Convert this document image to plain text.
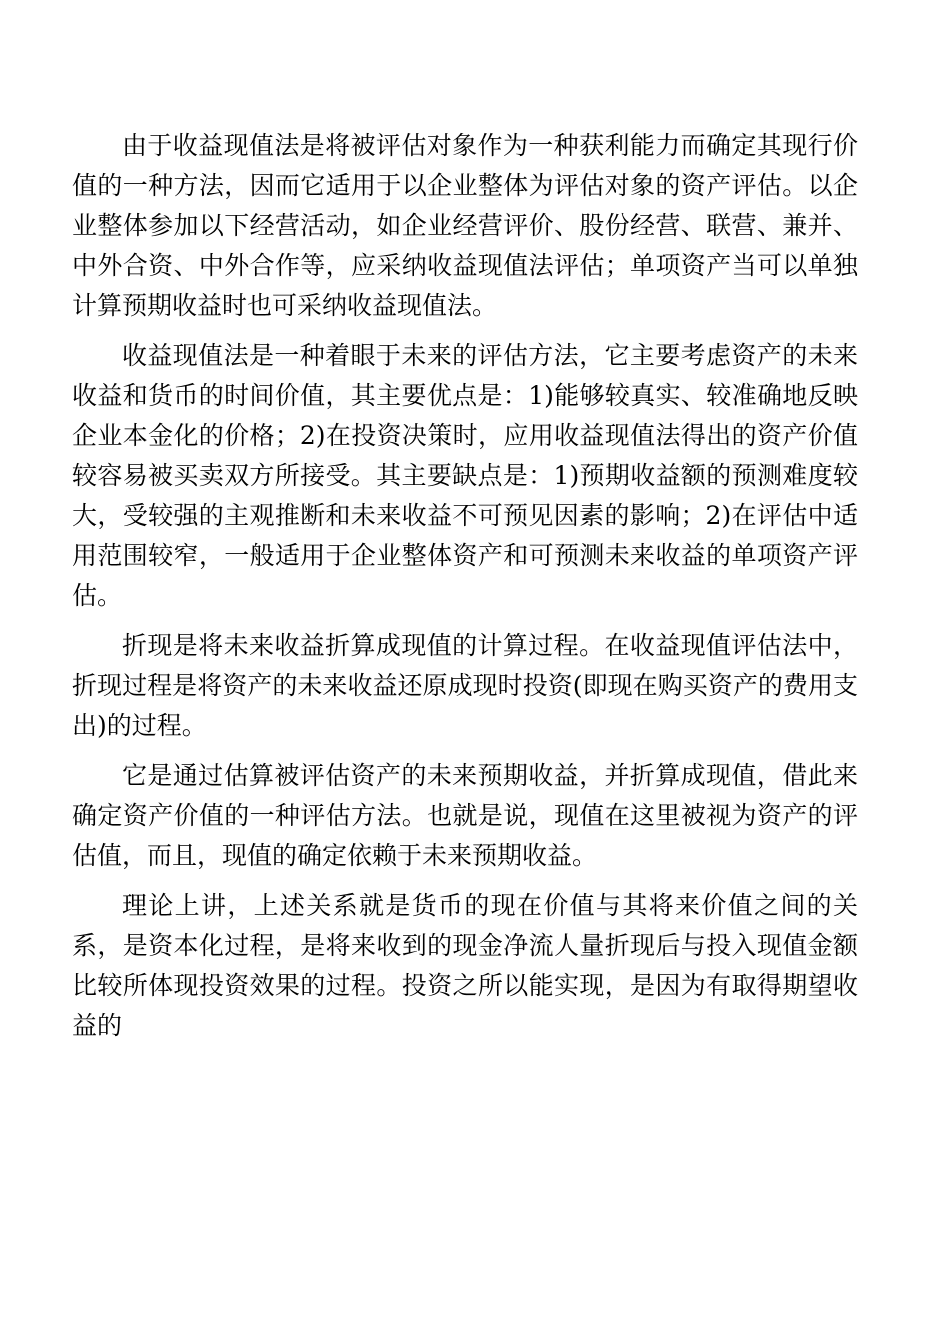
由于收益现值法是将被评估对象作为一种获利能力而确定其现行价值的一种方法，因而它适用于以企业整体为评估对象的资产评估。以企业整体参加以下经营活动，如企业经营评价、股份经营、联营、兼并、中外合资、中外合作等，应采纳收益现值法评估；单项资产当可以单独计算预期收益时也可采纳收益现值法。

收益现值法是一种着眼于未来的评估方法，它主要考虑资产的未来收益和货币的时间价值，其主要优点是：1)能够较真实、较准确地反映企业本金化的价格；2)在投资决策时，应用收益现值法得出的资产价值较容易被买卖双方所接受。其主要缺点是：1)预期收益额的预测难度较大，受较强的主观推断和未来收益不可预见因素的影响；2)在评估中适用范围较窄，一般适用于企业整体资产和可预测未来收益的单项资产评估。

折现是将未来收益折算成现值的计算过程。在收益现值评估法中，折现过程是将资产的未来收益还原成现时投资(即现在购买资产的费用支出)的过程。

它是通过估算被评估资产的未来预期收益，并折算成现值，借此来确定资产价值的一种评估方法。也就是说，现值在这里被视为资产的评估值，而且，现值的确定依赖于未来预期收益。

理论上讲，上述关系就是货币的现在价值与其将来价值之间的关系，是资本化过程，是将来收到的现金净流人量折现后与投入现值金额比较所体现投资效果的过程。投资之所以能实现，是因为有取得期望收益的
